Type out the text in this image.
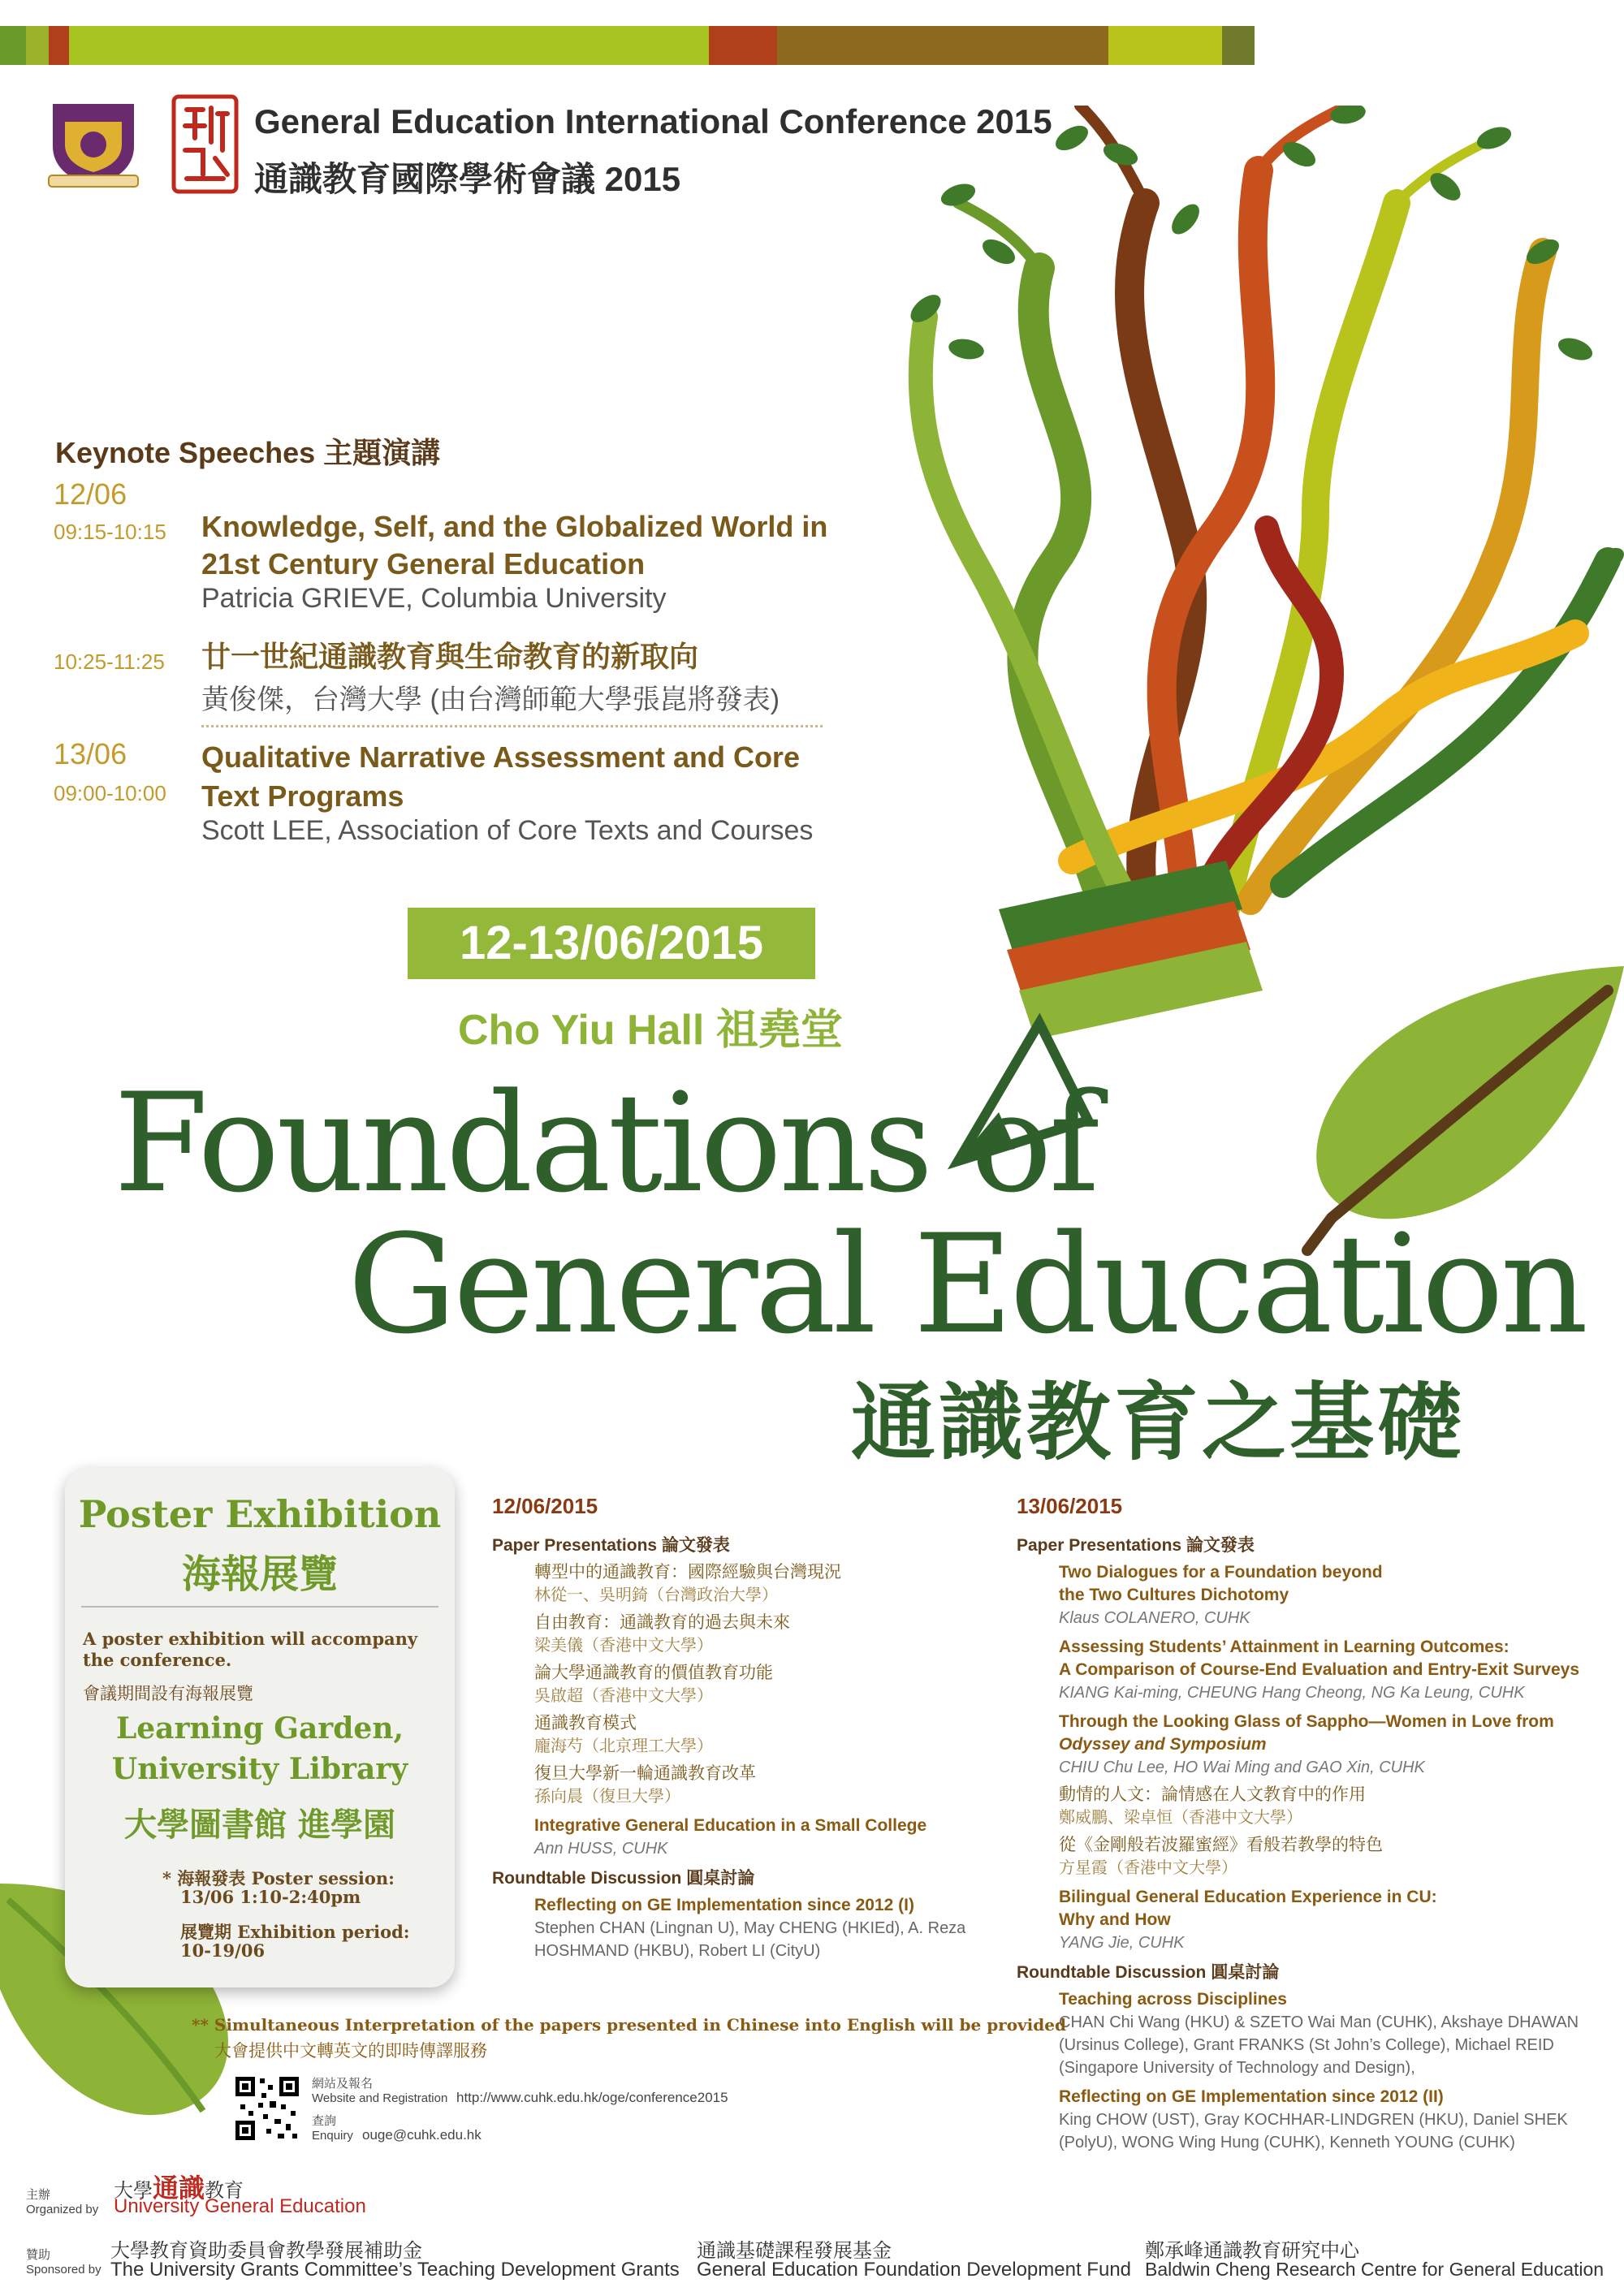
General Education International Conference 2015
通識教育國際學術會議 2015
Keynote Speeches 主題演講
12/06
09:15-10:15 Knowledge, Self, and the Globalized World in
21st Century General Education
Patricia GRIEVE, Columbia University
10:25-11:25 廿一世紀通識教育與生命教育的新取向
黃俊傑，台灣大學 (由台灣師範大學張崑將發表)
13/06
09:00-10:00
Qualitative Narrative Assessment and Core
Text Programs
Scott LEE, Association of Core Texts and Courses
12-13/06/2015
Cho Yiu Hall 祖堯堂
Foundations of
General Education
通識教育之基礎
Poster Exhibition
海報展覽
A poster exhibition will accompany the conference.
會議期間設有海報展覽
Learning Garden,
University Library
大學圖書館 進學園
* 海報發表 Poster session:
13/06 1:10-2:40pm
展覽期 Exhibition period:
10-19/06
12/06/2015
Paper Presentations 論文發表
轉型中的通識教育：國際經驗與台灣現況
林從一、吳明錡（台灣政治大學）
自由教育：通識教育的過去與未來
梁美儀（香港中文大學）
論大學通識教育的價值教育功能
吳啟超（香港中文大學）
通識教育模式
龐海芍（北京理工大學）
復旦大學新一輪通識教育改革
孫向晨（復旦大學）
Integrative General Education in a Small College
Ann HUSS, CUHK
Roundtable Discussion 圓桌討論
Reflecting on GE Implementation since 2012 (I)
Stephen CHAN (Lingnan U), May CHENG (HKIEd), A. Reza
HOSHMAND (HKBU), Robert LI (CityU)
13/06/2015
Paper Presentations 論文發表
Two Dialogues for a Foundation beyond
the Two Cultures Dichotomy
Klaus COLANERO, CUHK
Assessing Students’ Attainment in Learning Outcomes:
A Comparison of Course-End Evaluation and Entry-Exit Surveys
KIANG Kai-ming, CHEUNG Hang Cheong, NG Ka Leung, CUHK
Through the Looking Glass of Sappho—Women in Love from
Odyssey and Symposium
CHIU Chu Lee, HO Wai Ming and GAO Xin, CUHK
動情的人文：論情感在人文教育中的作用
鄭威鵬、梁卓恒（香港中文大學）
從《金剛般若波羅蜜經》看般若教學的特色
方星霞（香港中文大學）
Bilingual General Education Experience in CU:
Why and How
YANG Jie, CUHK
Roundtable Discussion 圓桌討論
Teaching across Disciplines
CHAN Chi Wang (HKU) & SZETO Wai Man (CUHK), Akshaye DHAWAN
(Ursinus College), Grant FRANKS (St John’s College), Michael REID
(Singapore University of Technology and Design),
Reflecting on GE Implementation since 2012 (II)
King CHOW (UST), Gray KOCHHAR-LINDGREN (HKU), Daniel SHEK
(PolyU), WONG Wing Hung (CUHK), Kenneth YOUNG (CUHK)
** Simultaneous Interpretation of the papers presented in Chinese into English will be provided
大會提供中文轉英文的即時傳譯服務
網站及報名
Website and Registration http://www.cuhk.edu.hk/oge/conference2015
查詢
Enquiry ouge@cuhk.edu.hk
主辦
Organized by
大學通識教育
University General Education
贊助
Sponsored by
大學教育資助委員會教學發展補助金
The University Grants Committee’s Teaching Development Grants
通識基礎課程發展基金
General Education Foundation Development Fund
鄭承峰通識教育研究中心
Baldwin Cheng Research Centre for General Education
